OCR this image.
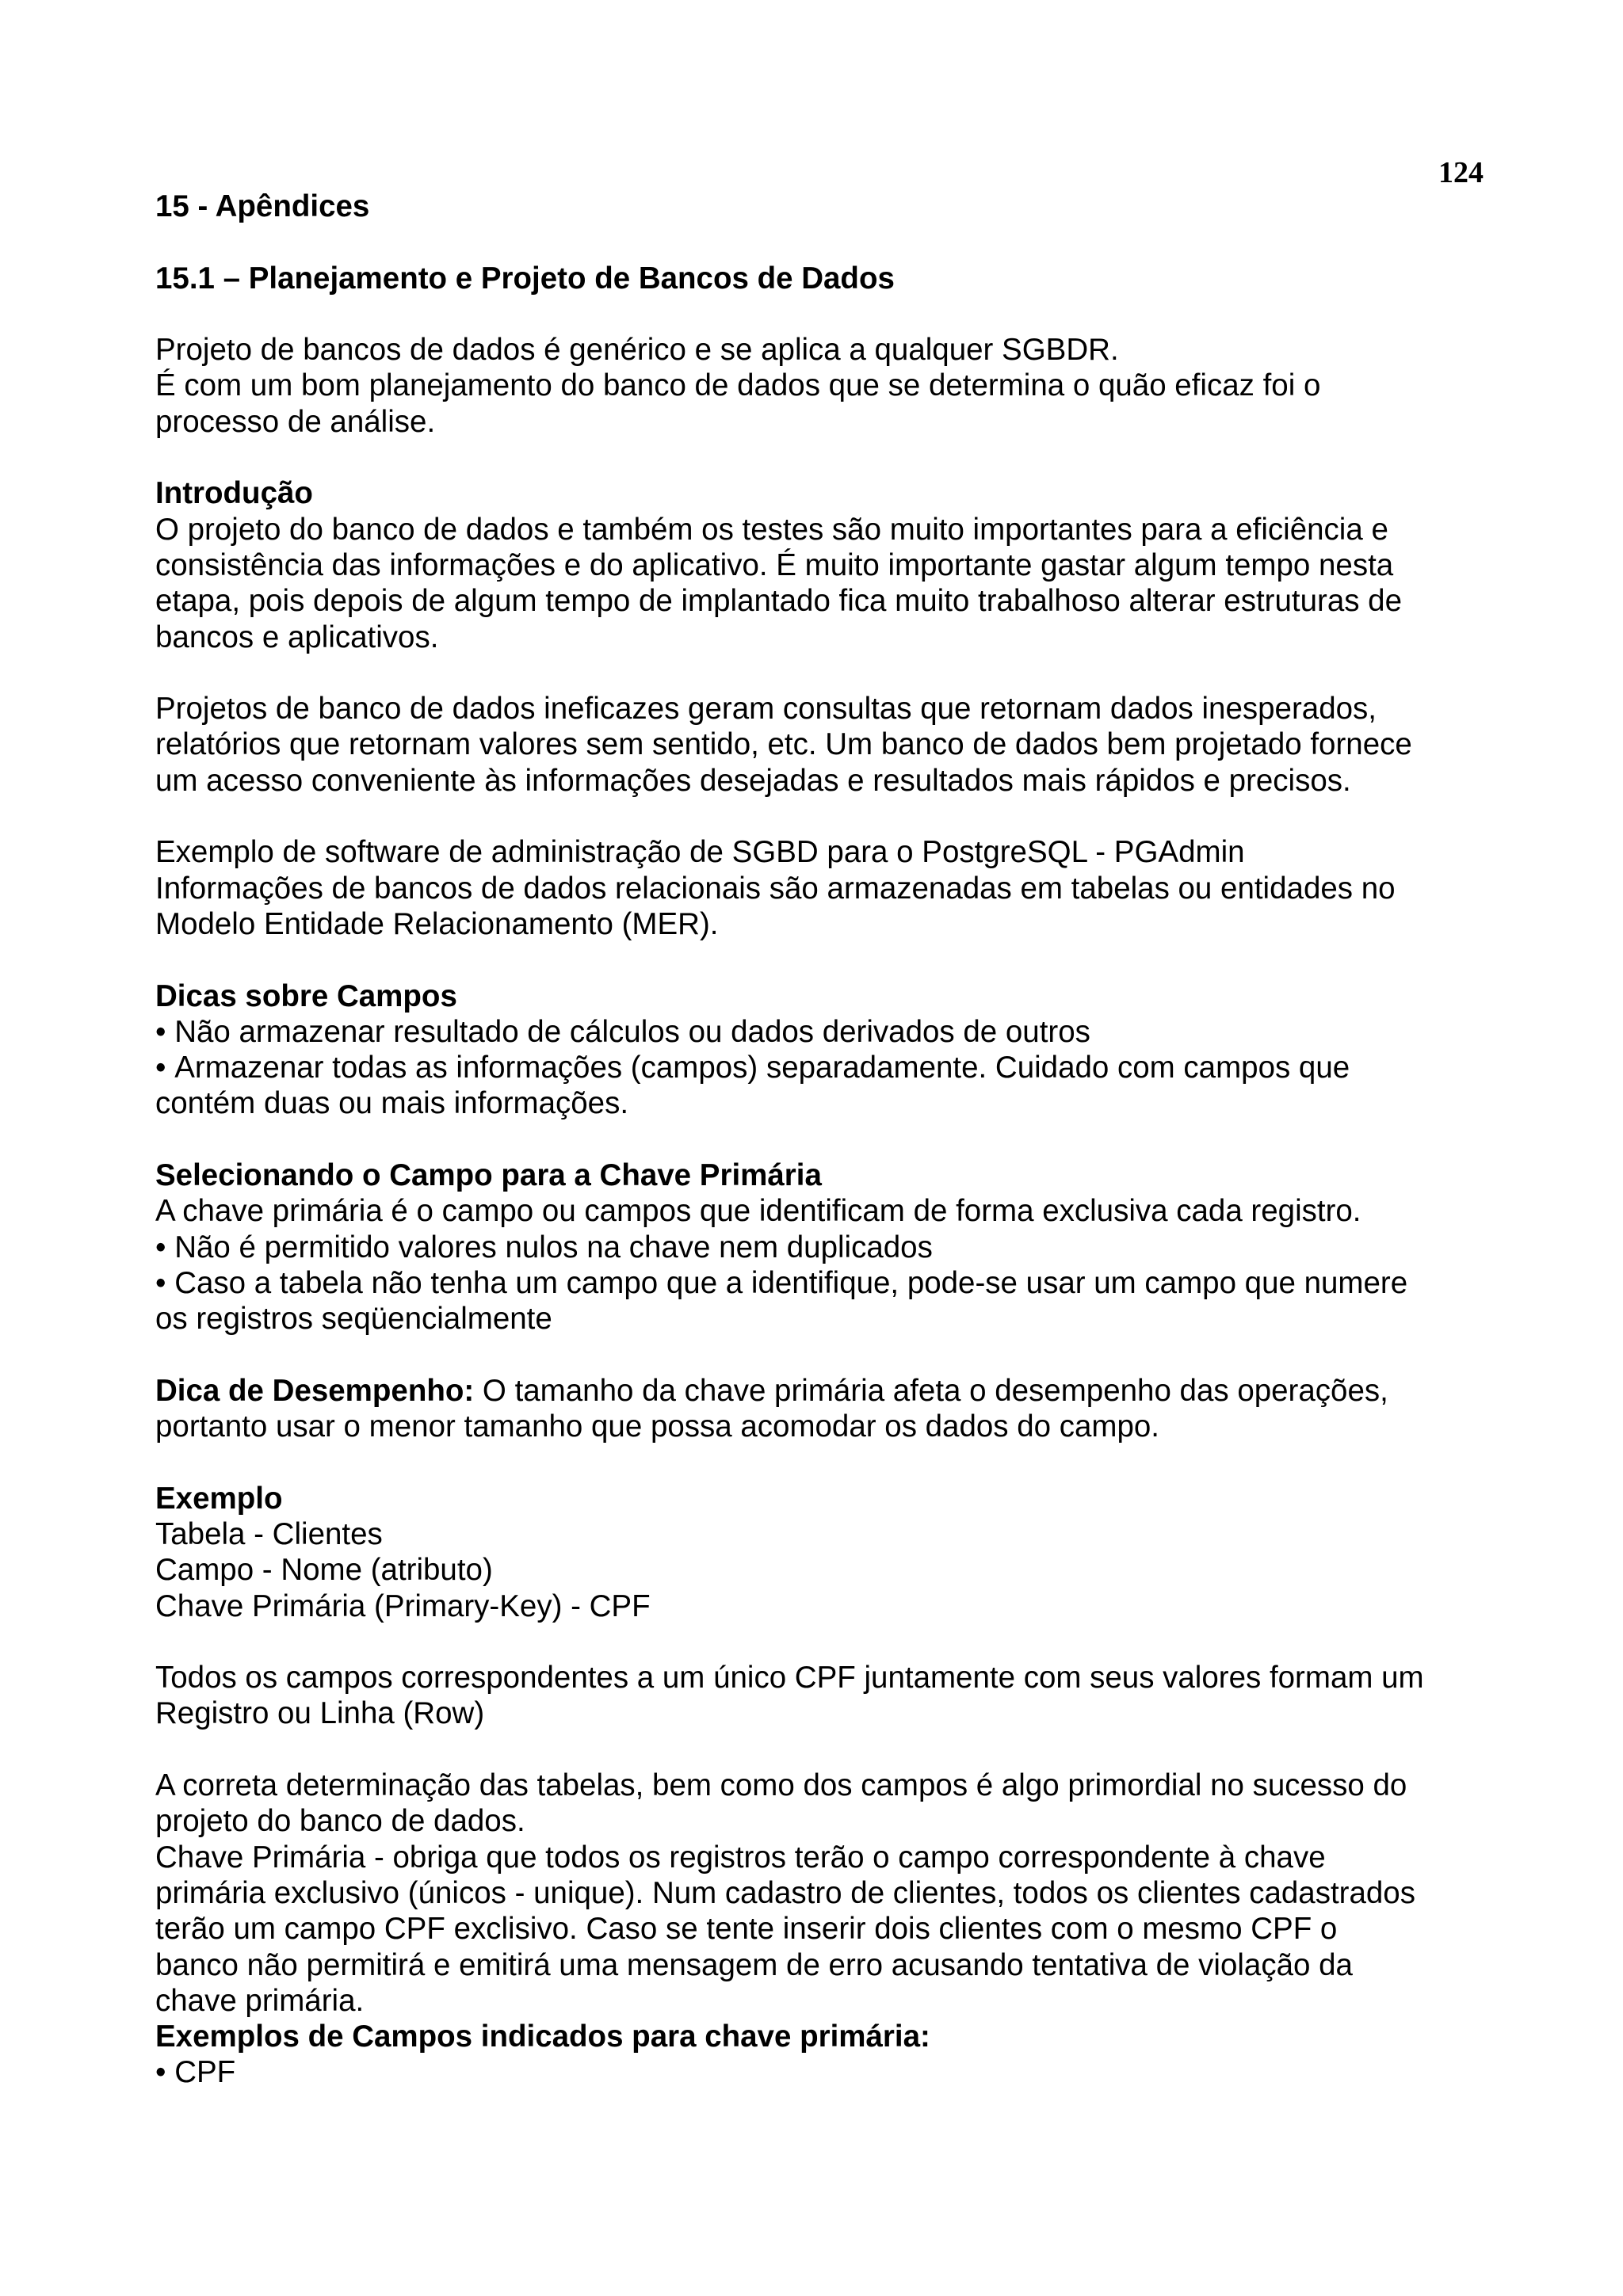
124

15 - Apêndices

15.1 – Planejamento e Projeto de Bancos de Dados

Projeto de bancos de dados é genérico e se aplica a qualquer SGBDR.
É com um bom planejamento do banco de dados que se determina o quão eficaz foi o
processo de análise.
Introdução
O projeto do banco de dados e também os testes são muito importantes para a eficiência e
consistência das informações e do aplicativo. É muito importante gastar algum tempo nesta
etapa, pois depois de algum tempo de implantado fica muito trabalhoso alterar estruturas de
bancos e aplicativos.
Projetos de banco de dados ineficazes geram consultas que retornam dados inesperados,
relatórios que retornam valores sem sentido, etc. Um banco de dados bem projetado fornece
um acesso conveniente às informações desejadas e resultados mais rápidos e precisos.
Exemplo de software de administração de SGBD para o PostgreSQL - PGAdmin
Informações de bancos de dados relacionais são armazenadas em tabelas ou entidades no
Modelo Entidade Relacionamento (MER).
Dicas sobre Campos
• Não armazenar resultado de cálculos ou dados derivados de outros
• Armazenar todas as informações (campos) separadamente. Cuidado com campos que
contém duas ou mais informações.
Selecionando o Campo para a Chave Primária
A chave primária é o campo ou campos que identificam de forma exclusiva cada registro.
• Não é permitido valores nulos na chave nem duplicados
• Caso a tabela não tenha um campo que a identifique, pode-se usar um campo que numere
os registros seqüencialmente
Dica de Desempenho: O tamanho da chave primária afeta o desempenho das operações,
portanto usar o menor tamanho que possa acomodar os dados do campo.
Exemplo
Tabela - Clientes
Campo - Nome (atributo)
Chave Primária (Primary-Key) - CPF
Todos os campos correspondentes a um único CPF juntamente com seus valores formam um
Registro ou Linha (Row)
A correta determinação das tabelas, bem como dos campos é algo primordial no sucesso do
projeto do banco de dados.
Chave Primária - obriga que todos os registros terão o campo correspondente à chave
primária exclusivo (únicos - unique). Num cadastro de clientes, todos os clientes cadastrados
terão um campo CPF exclisivo. Caso se tente inserir dois clientes com o mesmo CPF o
banco não permitirá e emitirá uma mensagem de erro acusando tentativa de violação da
chave primária.
Exemplos de Campos indicados para chave primária:
• CPF
